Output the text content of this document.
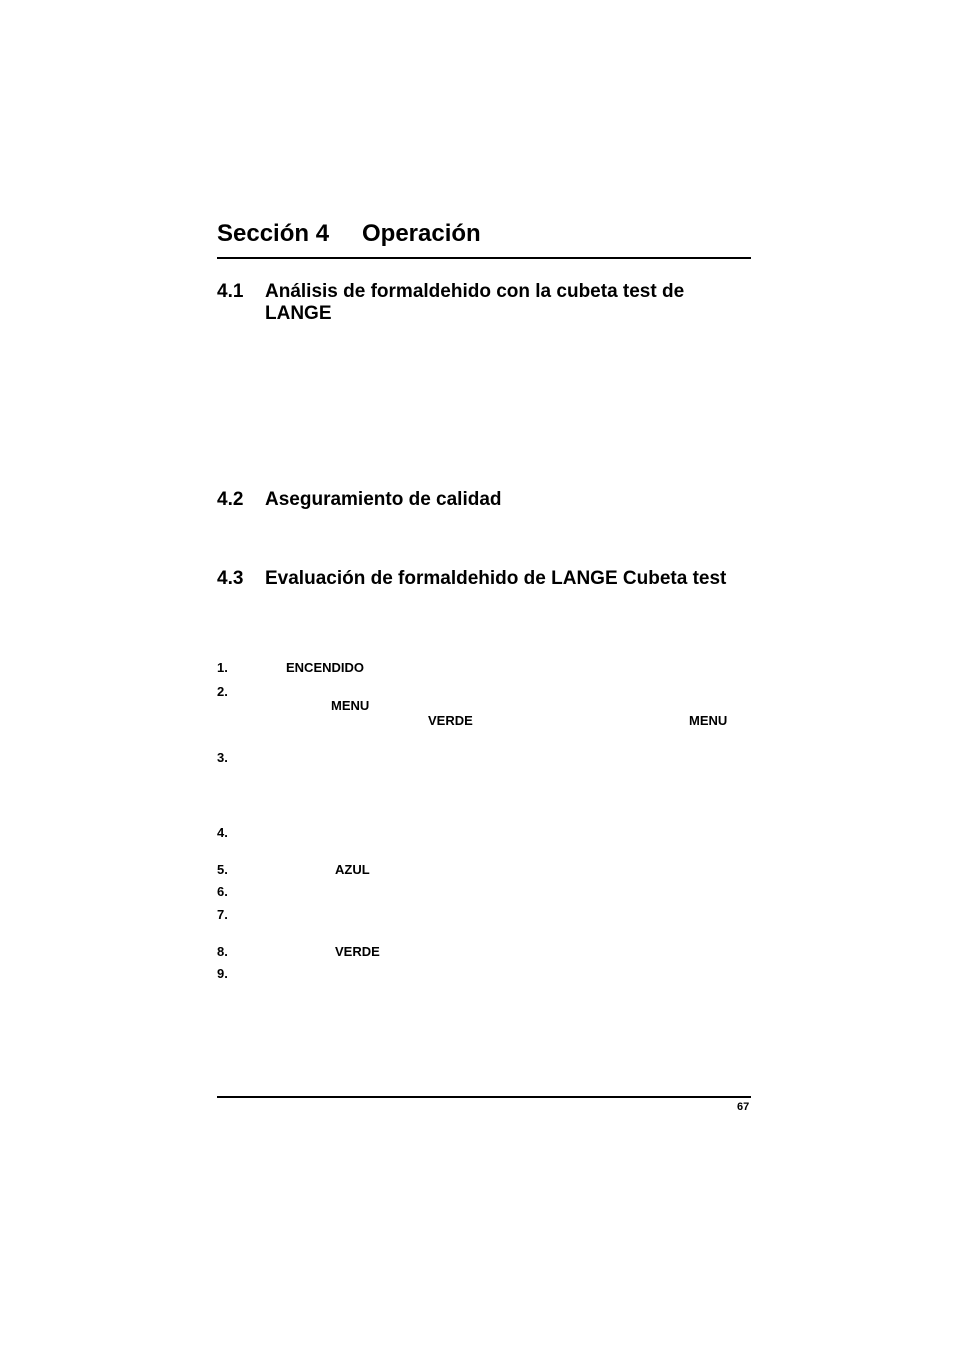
Sección 4 Operación
4.1 Análisis de formaldehido con la cubeta test de LANGE
4.2 Aseguramiento de calidad
4.3 Evaluación de formaldehido de LANGE Cubeta test
1.	ENCENDIDO
2.
MENU
VERDE	MENU
3.
4.
5.	AZUL
6.
7.
8.	VERDE
9.
67
